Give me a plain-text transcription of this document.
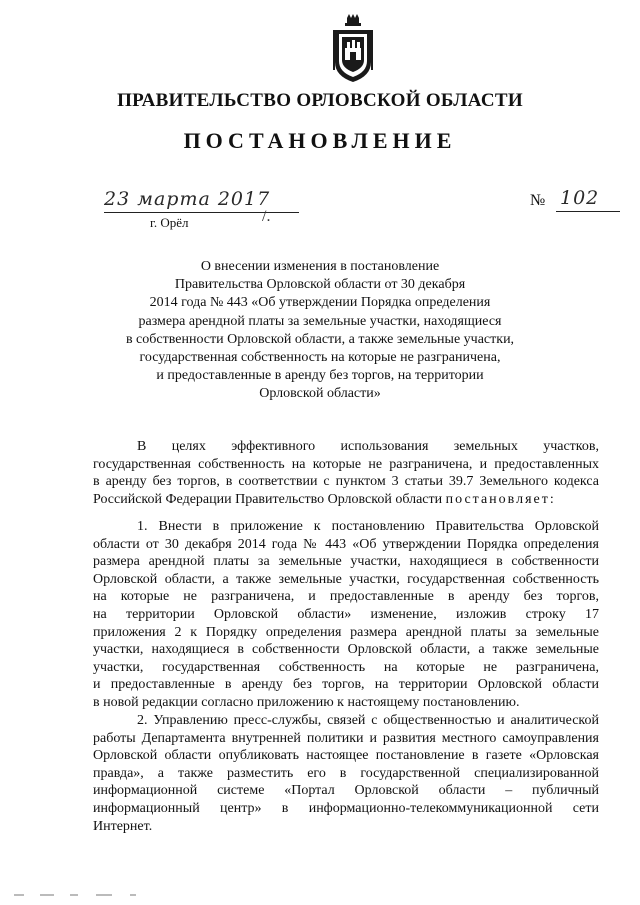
ПРАВИТЕЛЬСТВО ОРЛОВСКОЙ ОБЛАСТИ
ПОСТАНОВЛЕНИЕ
23 марта 2017	№ 102
г. Орёл	/.
О внесении изменения в постановление
Правительства Орловской области от 30 декабря
2014 года № 443 «Об утверждении Порядка определения
размера арендной платы за земельные участки, находящиеся
в собственности Орловской области, а также земельные участки,
государственная собственность на которые не разграничена,
и предоставленные в аренду без торгов, на территории
Орловской области»
В целях эффективного использования земельных участков,
государственная собственность на которые не разграничена, и предоставленных
в аренду без торгов, в соответствии с пунктом 3 статьи 39.7 Земельного кодекса
Российской Федерации Правительство Орловской области постановляет:
1. Внести в приложение к постановлению Правительства Орловской
области от 30 декабря 2014 года № 443 «Об утверждении Порядка определения
размера арендной платы за земельные участки, находящиеся в собственности
Орловской области, а также земельные участки, государственная собственность
на которые не разграничена, и предоставленные в аренду без торгов,
на территории Орловской области» изменение, изложив строку 17
приложения 2 к Порядку определения размера арендной платы за земельные
участки, находящиеся в собственности Орловской области, а также земельные
участки, государственная собственность на которые не разграничена,
и предоставленные в аренду без торгов, на территории Орловской области
в новой редакции согласно приложению к настоящему постановлению.
2. Управлению пресс-службы, связей с общественностью и аналитической
работы Департамента внутренней политики и развития местного самоуправления
Орловской области опубликовать настоящее постановление в газете «Орловская
правда», а также разместить его в государственной специализированной
информационной системе «Портал Орловской области – публичный
информационный центр» в информационно-телекоммуникационной сети
Интернет.
